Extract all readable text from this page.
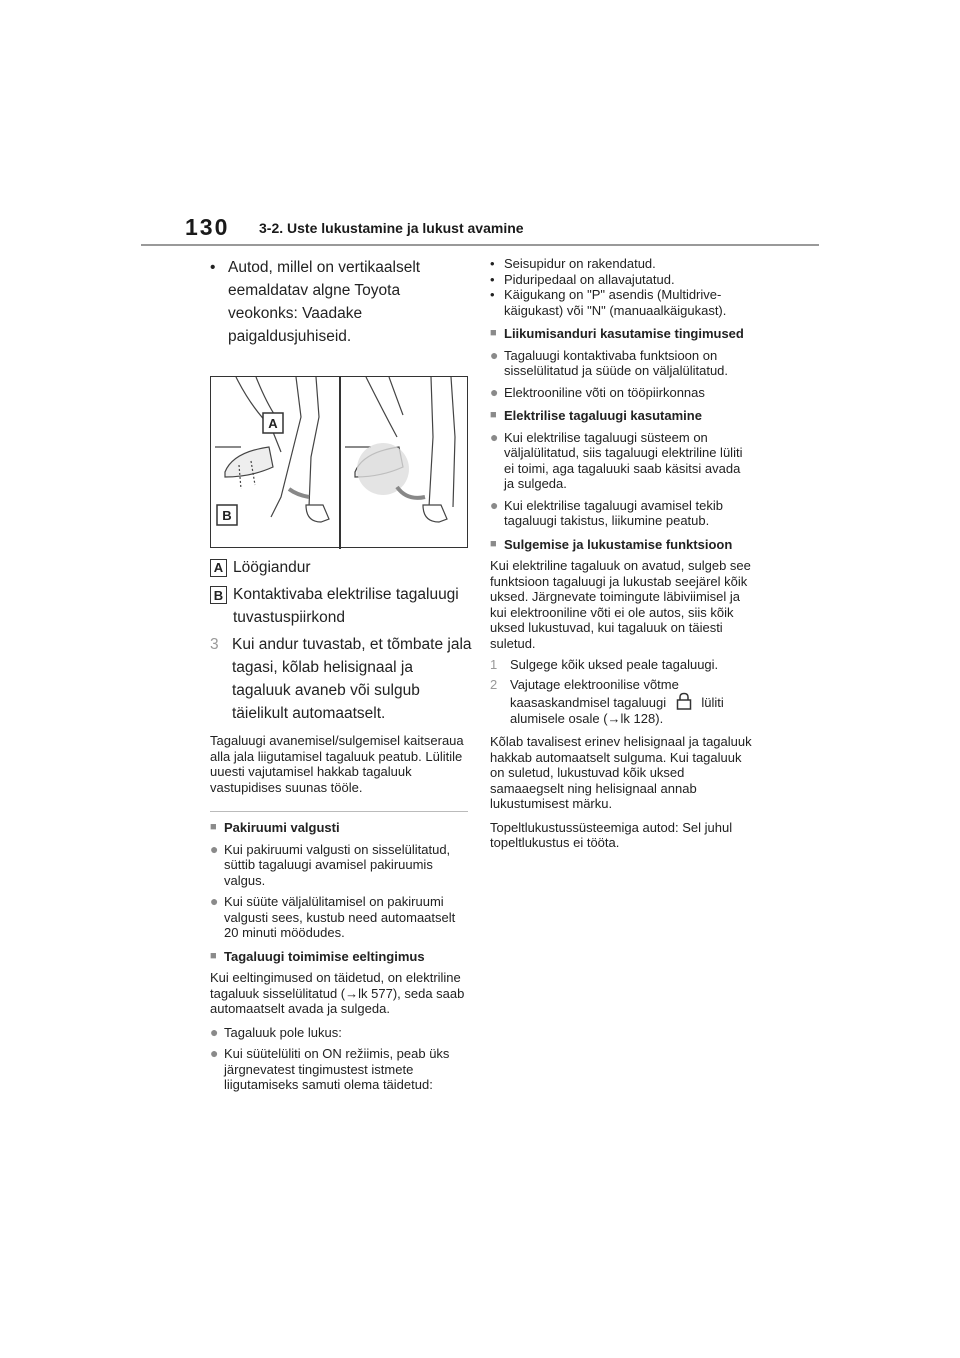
130 3-2. Uste lukustamine ja lukust avamine
• Autod, millel on vertikaalselt eemaldatav algne Toyota veokonks: Vaadake paigaldusjuhiseid.
A
B
A Löögiandur
B Kontaktivaba elektrilise tagaluugi tuvastuspiirkond
3 Kui andur tuvastab, et tõmbate jala tagasi, kõlab helisignaal ja tagaluuk avaneb või sulgub täielikult automaatselt.

Tagaluugi avanemisel/sulgemisel kaitseraua alla jala liigutamisel tagaluuk peatub. Lülitile uuesti vajutamisel hakkab tagaluuk vastupidises suunas tööle.

■ Pakiruumi valgusti
● Kui pakiruumi valgusti on sisselülitatud, süttib tagaluugi avamisel pakiruumis valgus.
● Kui süüte väljalülitamisel on pakiruumi valgusti sees, kustub need automaatselt 20 minuti möödudes.
■ Tagaluugi toimimise eeltingimus

Kui eeltingimused on täidetud, on elektriline tagaluuk sisselülitatud (→lk 577), seda saab automaatselt avada ja sulgeda.

● Tagaluuk pole lukus:
● Kui süütelüliti on ON režiimis, peab üks järgnevatest tingimustest istmete liigutamiseks samuti olema täidetud:
• Seisupidur on rakendatud.
• Piduripedaal on allavajutatud.
• Käigukang on "P" asendis (Multidrive-käigukast) või "N" (manuaalkäigukast).
■ Liikumisanduri kasutamise tingimused
● Tagaluugi kontaktivaba funktsioon on sisselülitatud ja süüde on väljalülitatud.
● Elektrooniline võti on tööpiirkonnas
■ Elektrilise tagaluugi kasutamine
● Kui elektrilise tagaluugi süsteem on väljalülitatud, siis tagaluugi elektriline lüliti ei toimi, aga tagaluuki saab käsitsi avada ja sulgeda.
● Kui elektrilise tagaluugi avamisel tekib tagaluugi takistus, liikumine peatub.
■ Sulgemise ja lukustamise funktsioon

Kui elektriline tagaluuk on avatud, sulgeb see funktsioon tagaluugi ja lukustab seejärel kõik uksed. Järgnevate toimingute läbiviimisel ja kui elektrooniline võti ei ole autos, siis kõik uksed lukustuvad, kui tagaluuk on täiesti suletud.

1 Sulgege kõik uksed peale tagaluugi.
2 Vajutage elektroonilise võtme kaasaskandmisel tagaluugi	lüliti alumisele osale (→lk 128).

Kõlab tavalisest erinev helisignaal ja tagaluuk hakkab automaatselt sulguma. Kui tagaluuk on suletud, lukustuvad kõik uksed samaaegselt ning helisignaal annab lukustumisest märku.

Topeltlukustussüsteemiga autod: Sel juhul topeltlukustus ei tööta.
